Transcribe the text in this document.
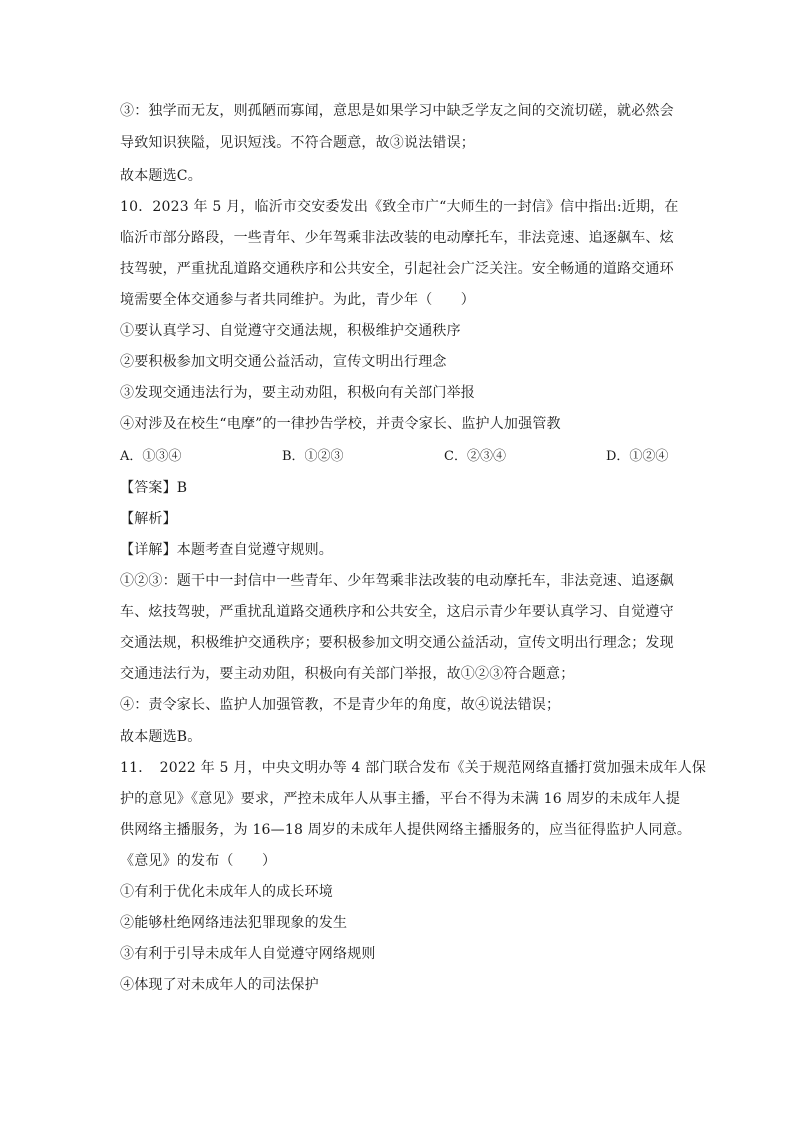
③：独学而无友，则孤陋而寡闻，意思是如果学习中缺乏学友之间的交流切磋，就必然会
导致知识狭隘，见识短浅。不符合题意，故③说法错误；
故本题选C。
10．2023 年 5 月，临沂市交安委发出《致全市广“大师生的一封信》信中指出:近期，在
临沂市部分路段，一些青年、少年驾乘非法改装的电动摩托车，非法竞速、追逐飙车、炫
技驾驶，严重扰乱道路交通秩序和公共安全，引起社会广泛关注。安全畅通的道路交通环
境需要全体交通参与者共同维护。为此，青少年（　　）
①要认真学习、自觉遵守交通法规，积极维护交通秩序
②要积极参加文明交通公益活动，宣传文明出行理念
③发现交通违法行为，要主动劝阻，积极向有关部门举报
④对涉及在校生“电摩”的一律抄告学校，并责令家长、监护人加强管教
A．①③④	B．①②③	C．②③④	D．①②④
【答案】B
【解析】
【详解】本题考查自觉遵守规则。
①②③：题干中一封信中一些青年、少年驾乘非法改装的电动摩托车，非法竞速、追逐飙
车、炫技驾驶，严重扰乱道路交通秩序和公共安全，这启示青少年要认真学习、自觉遵守
交通法规，积极维护交通秩序；要积极参加文明交通公益活动，宣传文明出行理念；发现
交通违法行为，要主动劝阻，积极向有关部门举报，故①②③符合题意；
④：责令家长、监护人加强管教，不是青少年的角度，故④说法错误；
故本题选B。
11．　2022 年 5 月，中央文明办等 4 部门联合发布《关于规范网络直播打赏加强未成年人保
护的意见》《意见》要求，严控未成年人从事主播，平台不得为未满 16 周岁的未成年人提
供网络主播服务，为 16—18 周岁的未成年人提供网络主播服务的，应当征得监护人同意。
《意见》的发布（　　）
①有利于优化未成年人的成长环境
②能够杜绝网络违法犯罪现象的发生
③有利于引导未成年人自觉遵守网络规则
④体现了对未成年人的司法保护
